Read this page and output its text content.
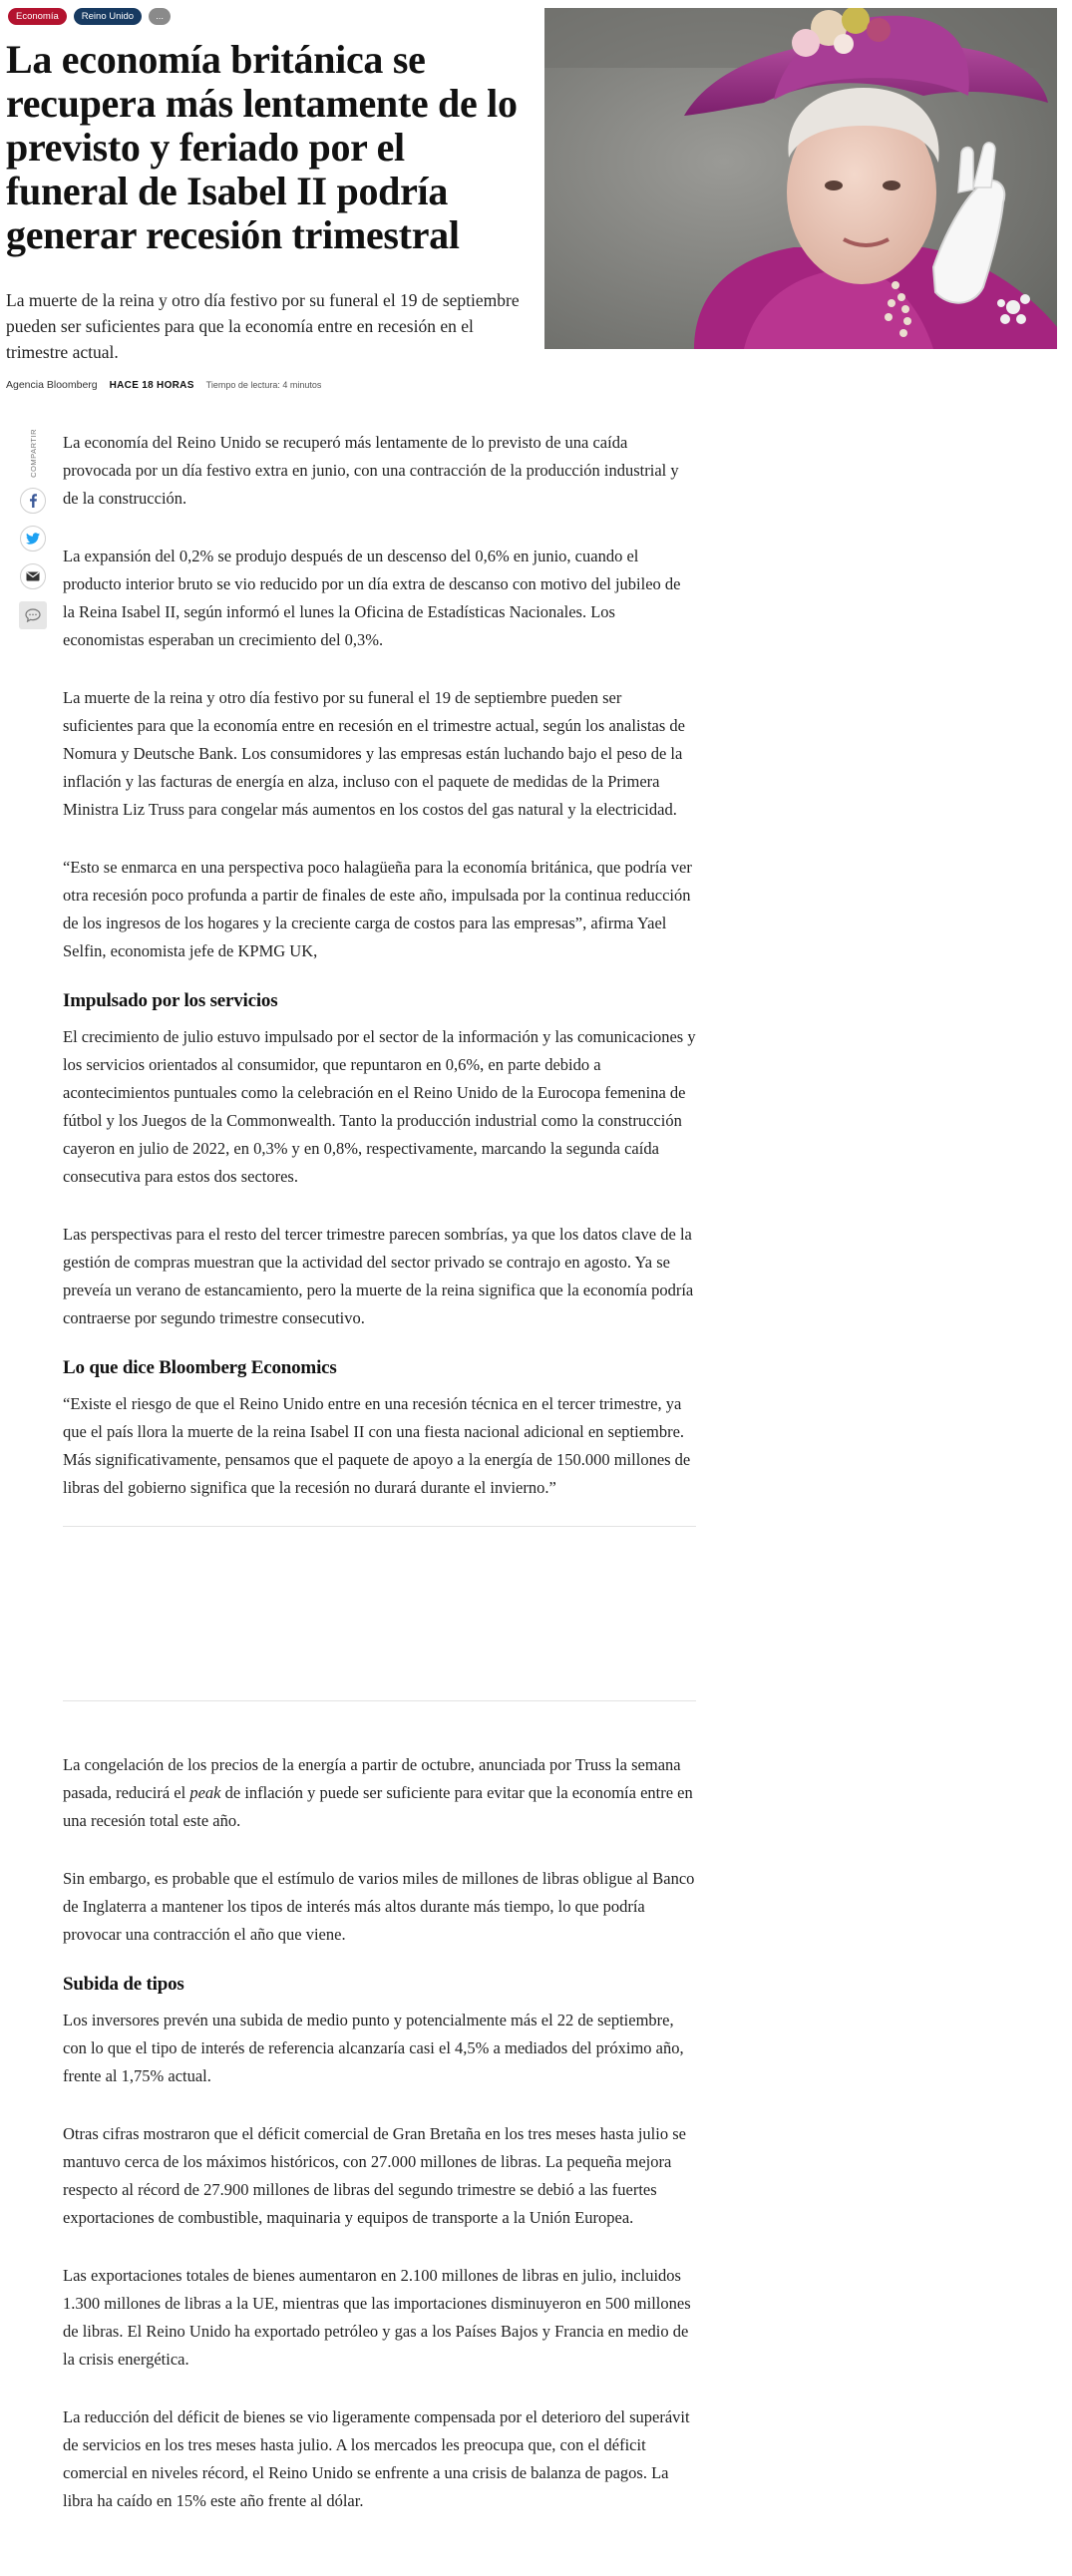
Economía	Reino Unido	...
La economía británica se recupera más lentamente de lo previsto y feriado por el funeral de Isabel II podría generar recesión trimestral

La muerte de la reina y otro día festivo por su funeral el 19 de septiembre pueden ser suficientes para que la economía entre en recesión en el trimestre actual.

Agencia Bloomberg HACE 18 HORAS Tiempo de lectura: 4 minutos
COMPARTIR La economía del Reino Unido se recuperó más lentamente de lo previsto de una caída provocada por un día festivo extra en junio, con una contracción de la producción industrial y de la construcción.

La expansión del 0,2% se produjo después de un descenso del 0,6% en junio, cuando el producto interior bruto se vio reducido por un día extra de descanso con motivo del jubileo de la Reina Isabel II, según informó el lunes la Oficina de Estadísticas Nacionales. Los economistas esperaban un crecimiento del 0,3%.

La muerte de la reina y otro día festivo por su funeral el 19 de septiembre pueden ser suficientes para que la economía entre en recesión en el trimestre actual, según los analistas de Nomura y Deutsche Bank. Los consumidores y las empresas están luchando bajo el peso de la inflación y las facturas de energía en alza, incluso con el paquete de medidas de la Primera Ministra Liz Truss para congelar más aumentos en los costos del gas natural y la electricidad.

“Esto se enmarca en una perspectiva poco halagüeña para la economía británica, que podría ver otra recesión poco profunda a partir de finales de este año, impulsada por la continua reducción de los ingresos de los hogares y la creciente carga de costos para las empresas”, afirma Yael Selfin, economista jefe de KPMG UK,

Impulsado por los servicios

El crecimiento de julio estuvo impulsado por el sector de la información y las comunicaciones y los servicios orientados al consumidor, que repuntaron en 0,6%, en parte debido a acontecimientos puntuales como la celebración en el Reino Unido de la Eurocopa femenina de fútbol y los Juegos de la Commonwealth. Tanto la producción industrial como la construcción cayeron en julio de 2022, en 0,3% y en 0,8%, respectivamente, marcando la segunda caída consecutiva para estos dos sectores.

Las perspectivas para el resto del tercer trimestre parecen sombrías, ya que los datos clave de la gestión de compras muestran que la actividad del sector privado se contrajo en agosto. Ya se preveía un verano de estancamiento, pero la muerte de la reina significa que la economía podría contraerse por segundo trimestre consecutivo.

Lo que dice Bloomberg Economics

“Existe el riesgo de que el Reino Unido entre en una recesión técnica en el tercer trimestre, ya que el país llora la muerte de la reina Isabel II con una fiesta nacional adicional en septiembre. Más significativamente, pensamos que el paquete de apoyo a la energía de 150.000 millones de libras del gobierno significa que la recesión no durará durante el invierno.”

La congelación de los precios de la energía a partir de octubre, anunciada por Truss la semana pasada, reducirá el peak de inflación y puede ser suficiente para evitar que la economía entre en una recesión total este año.

Sin embargo, es probable que el estímulo de varios miles de millones de libras obligue al Banco de Inglaterra a mantener los tipos de interés más altos durante más tiempo, lo que podría provocar una contracción el año que viene.

Subida de tipos

Los inversores prevén una subida de medio punto y potencialmente más el 22 de septiembre, con lo que el tipo de interés de referencia alcanzaría casi el 4,5% a mediados del próximo año, frente al 1,75% actual.

Otras cifras mostraron que el déficit comercial de Gran Bretaña en los tres meses hasta julio se mantuvo cerca de los máximos históricos, con 27.000 millones de libras. La pequeña mejora respecto al récord de 27.900 millones de libras del segundo trimestre se debió a las fuertes exportaciones de combustible, maquinaria y equipos de transporte a la Unión Europea.

Las exportaciones totales de bienes aumentaron en 2.100 millones de libras en julio, incluidos 1.300 millones de libras a la UE, mientras que las importaciones disminuyeron en 500 millones de libras. El Reino Unido ha exportado petróleo y gas a los Países Bajos y Francia en medio de la crisis energética.

La reducción del déficit de bienes se vio ligeramente compensada por el deterioro del superávit de servicios en los tres meses hasta julio. A los mercados les preocupa que, con el déficit comercial en niveles récord, el Reino Unido se enfrente a una crisis de balanza de pagos. La libra ha caído en 15% este año frente al dólar.
